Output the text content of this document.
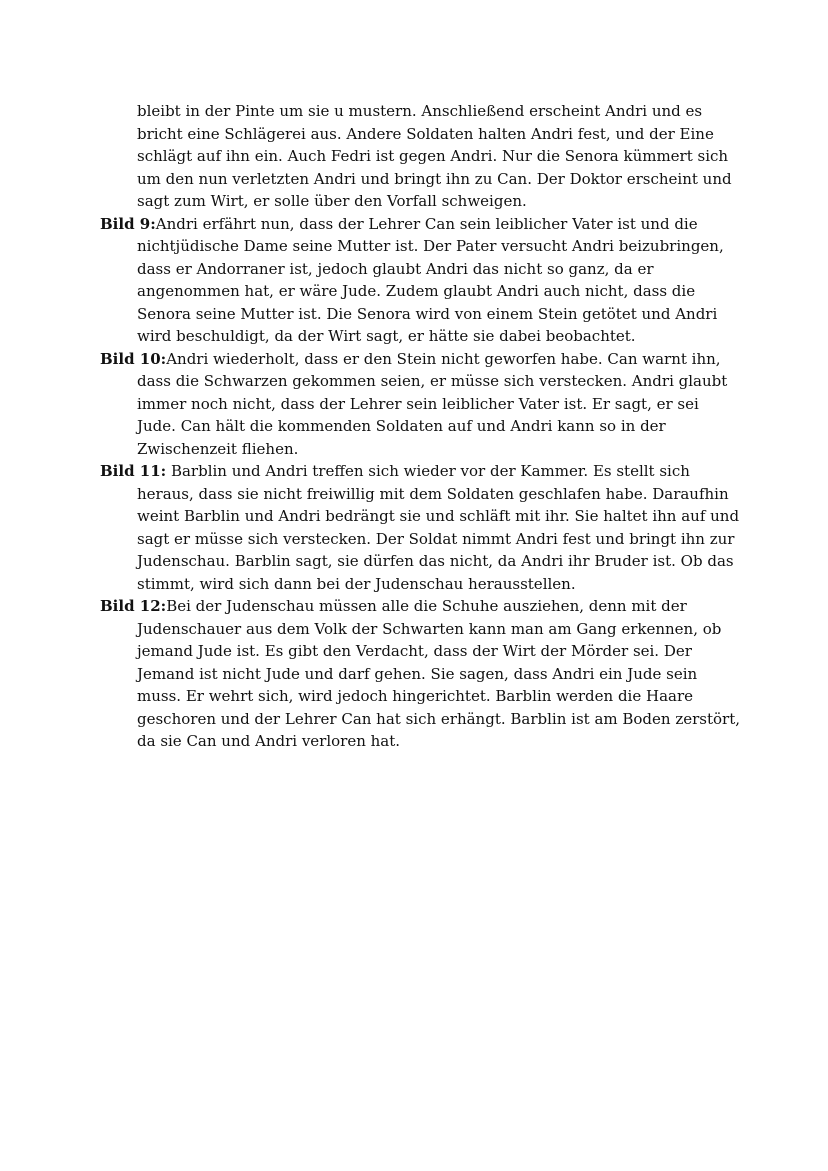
bleibt in der Pinte um sie u mustern. Anschließend erscheint Andri und es bricht eine Schlägerei aus. Andere Soldaten halten Andri fest, und der Eine schlägt auf ihn ein. Auch Fedri ist gegen Andri. Nur die Senora kümmert sich um den nun verletzten Andri und bringt ihn zu Can. Der Doktor erscheint und sagt zum Wirt, er solle über den Vorfall schweigen.

Bild 9:Andri erfährt nun, dass der Lehrer Can sein leiblicher Vater ist und die nichtjüdische Dame seine Mutter ist. Der Pater versucht Andri beizubringen, dass er Andorraner ist, jedoch glaubt Andri das nicht so ganz, da er angenommen hat, er wäre Jude. Zudem glaubt Andri auch nicht, dass die Senora seine Mutter ist. Die Senora wird von einem Stein getötet und Andri wird beschuldigt, da der Wirt sagt, er hätte sie dabei beobachtet.

Bild 10:Andri wiederholt, dass er den Stein nicht geworfen habe. Can warnt ihn, dass die Schwarzen gekommen seien, er müsse sich verstecken. Andri glaubt immer noch nicht, dass der Lehrer sein leiblicher Vater ist. Er sagt, er sei Jude. Can hält die kommenden Soldaten auf und Andri kann so in der Zwischenzeit fliehen.

Bild 11: Barblin und Andri treffen sich wieder vor der Kammer. Es stellt sich heraus, dass sie nicht freiwillig mit dem Soldaten geschlafen habe. Daraufhin weint Barblin und Andri bedrängt sie und schläft mit ihr. Sie haltet ihn auf und sagt er müsse sich verstecken. Der Soldat nimmt Andri fest und bringt ihn zur Judenschau. Barblin sagt, sie dürfen das nicht, da Andri ihr Bruder ist. Ob das stimmt, wird sich dann bei der Judenschau herausstellen.

Bild 12:Bei der Judenschau müssen alle die Schuhe ausziehen, denn mit der Judenschauer aus dem Volk der Schwarten kann man am Gang erkennen, ob jemand Jude ist. Es gibt den Verdacht, dass der Wirt der Mörder sei. Der Jemand ist nicht Jude und darf gehen. Sie sagen, dass Andri ein Jude sein muss. Er wehrt sich, wird jedoch hingerichtet. Barblin werden die Haare geschoren und der Lehrer Can hat sich erhängt. Barblin ist am Boden zerstört, da sie Can und Andri verloren hat.
